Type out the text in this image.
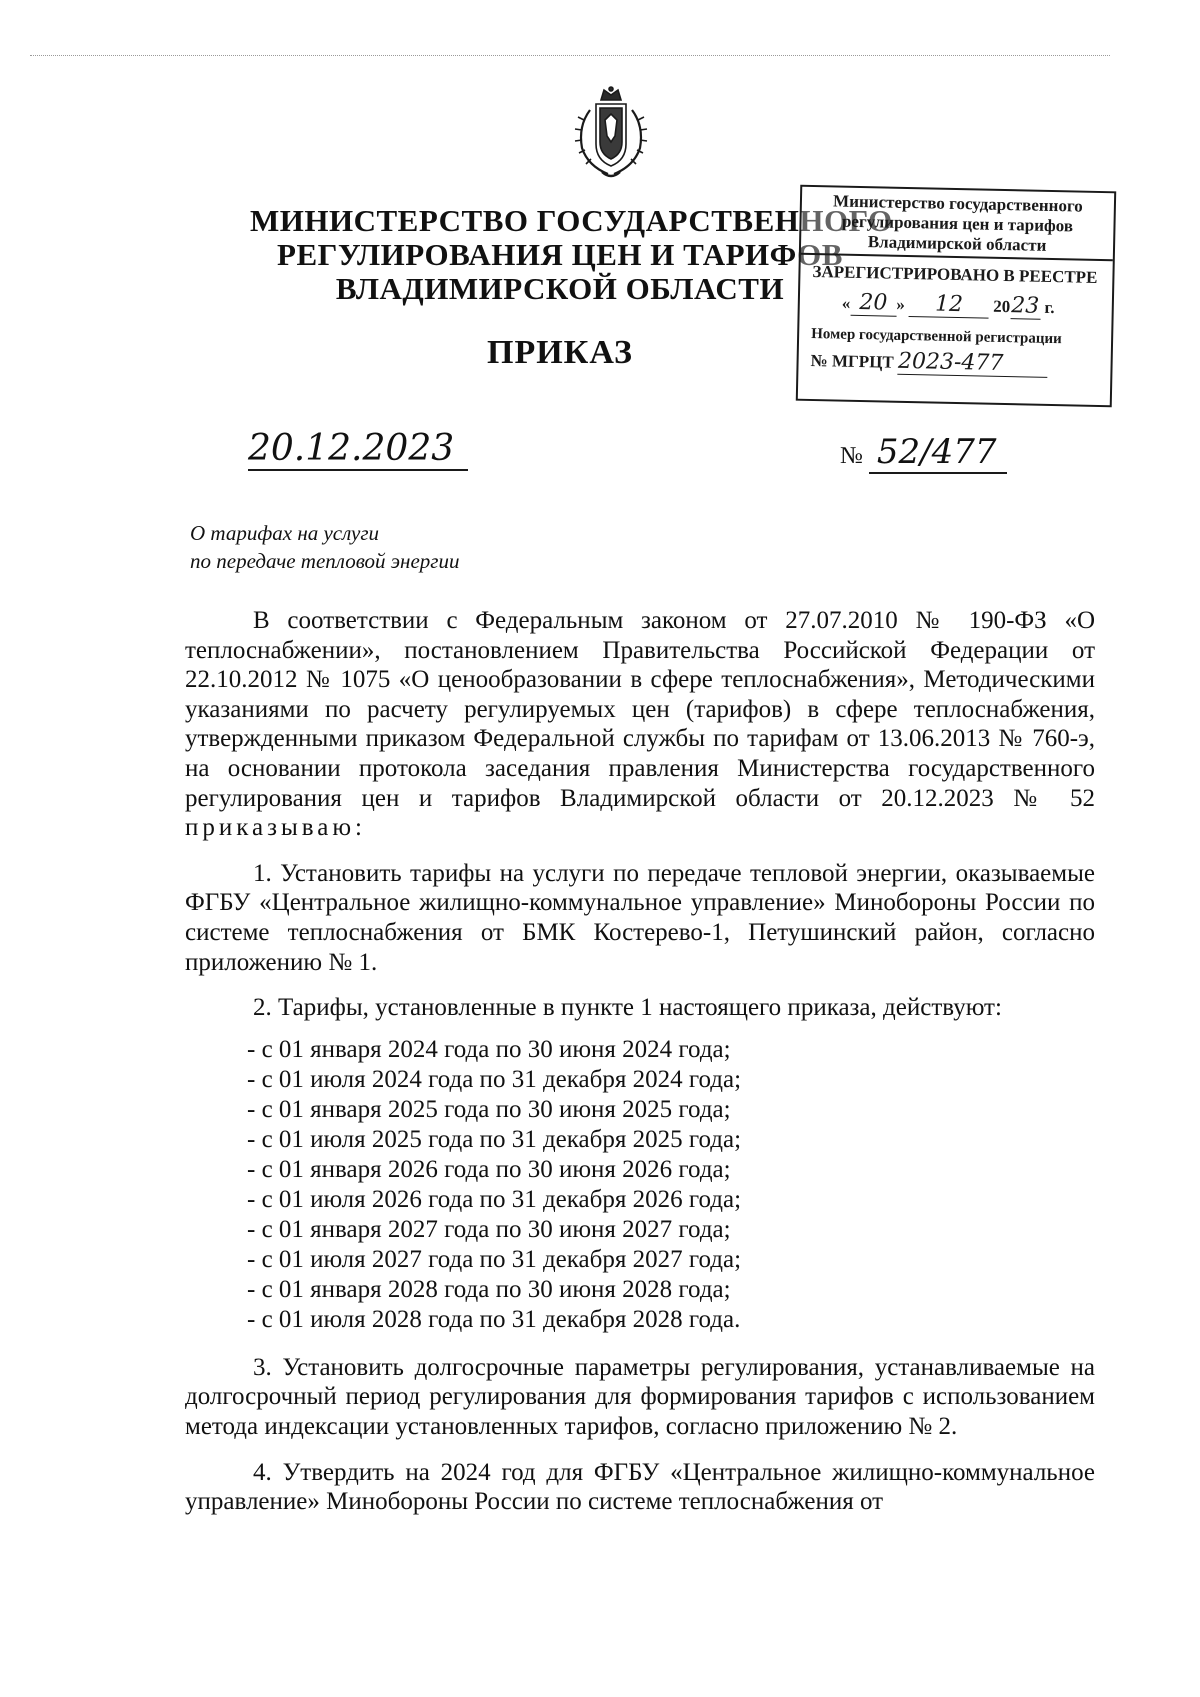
МИНИСТЕРСТВО ГОСУДАРСТВЕННОГО
РЕГУЛИРОВАНИЯ ЦЕН И ТАРИФОВ
ВЛАДИМИРСКОЙ ОБЛАСТИ
ПРИКАЗ
Министерство государственного
регулирования цен и тарифов
Владимирской области
ЗАРЕГИСТРИРОВАНО В РЕЕСТРЕ
« 20 » 12 2023 г.
Номер государственной регистрации
№ МГРЦТ 2023-477
20.12.2023	№ 52/477
О тарифах на услуги
по передаче тепловой энергии

В соответствии с Федеральным законом от 27.07.2010 № 190-ФЗ «О теплоснабжении», постановлением Правительства Российской Федерации от 22.10.2012 № 1075 «О ценообразовании в сфере теплоснабжения», Методическими указаниями по расчету регулируемых цен (тарифов) в сфере теплоснабжения, утвержденными приказом Федеральной службы по тарифам от 13.06.2013 № 760-э, на основании протокола заседания правления Министерства государственного регулирования цен и тарифов Владимирской области от 20.12.2023 № 52 приказываю:

1. Установить тарифы на услуги по передаче тепловой энергии, оказываемые ФГБУ «Центральное жилищно-коммунальное управление» Минобороны России по системе теплоснабжения от БМК Костерево-1, Петушинский район, согласно приложению № 1.

2. Тарифы, установленные в пункте 1 настоящего приказа, действуют:

- с 01 января 2024 года по 30 июня 2024 года;
- с 01 июля 2024 года по 31 декабря 2024 года;
- с 01 января 2025 года по 30 июня 2025 года;
- с 01 июля 2025 года по 31 декабря 2025 года;
- с 01 января 2026 года по 30 июня 2026 года;
- с 01 июля 2026 года по 31 декабря 2026 года;
- с 01 января 2027 года по 30 июня 2027 года;
- с 01 июля 2027 года по 31 декабря 2027 года;
- с 01 января 2028 года по 30 июня 2028 года;
- с 01 июля 2028 года по 31 декабря 2028 года.

3. Установить долгосрочные параметры регулирования, устанавливаемые на долгосрочный период регулирования для формирования тарифов с использованием метода индексации установленных тарифов, согласно приложению № 2.

4. Утвердить на 2024 год для ФГБУ «Центральное жилищно-коммунальное управление» Минобороны России по системе теплоснабжения от
